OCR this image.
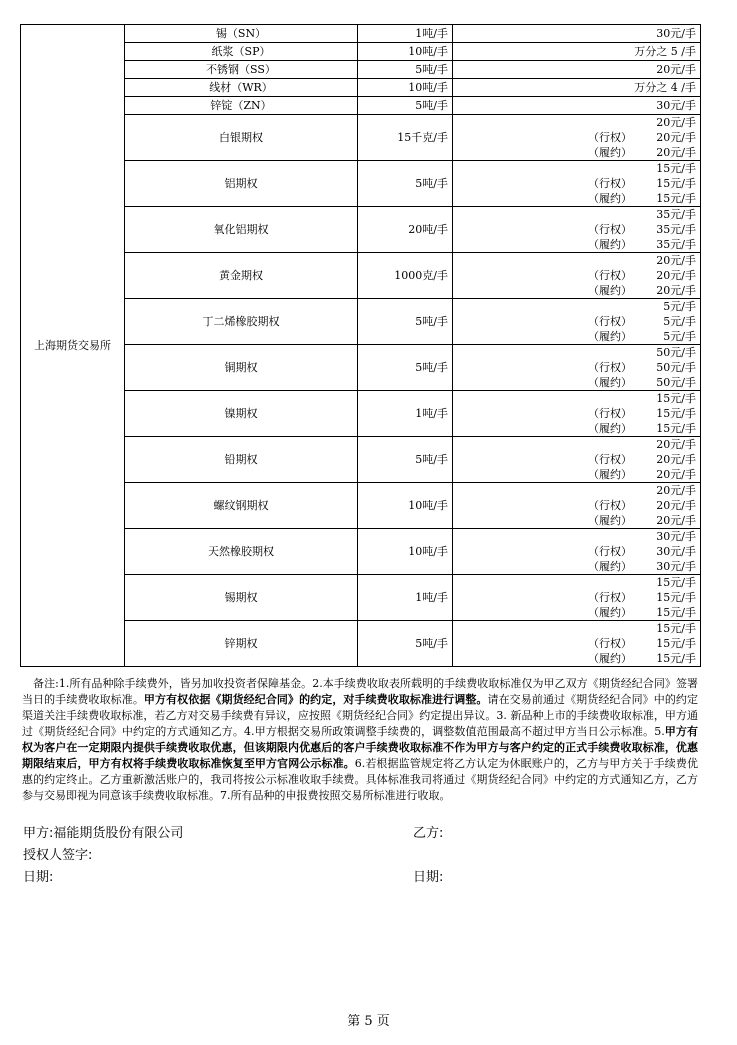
上海期货交易所	锡（SN）	1吨/手	30元/手
	纸浆（SP）	10吨/手	万分之 5 /手
	不锈钢（SS）	5吨/手	20元/手
	线材（WR）	10吨/手	万分之 4 /手
	锌锭（ZN）	5吨/手	30元/手
	白银期权	15千克/手	20元/手
（行权） 20元/手
（履约） 20元/手

	铝期权	5吨/手	15元/手
（行权） 15元/手
（履约） 15元/手

	氧化铝期权	20吨/手	35元/手
（行权） 35元/手
（履约） 35元/手

	黄金期权	1000克/手	20元/手
（行权） 20元/手
（履约） 20元/手

	丁二烯橡胶期权	5吨/手	5元/手
（行权） 5元/手
（履约） 5元/手

	铜期权	5吨/手	50元/手
（行权） 50元/手
（履约） 50元/手

	镍期权	1吨/手	15元/手
（行权） 15元/手
（履约） 15元/手

	铅期权	5吨/手	20元/手
（行权） 20元/手
（履约） 20元/手

	螺纹钢期权	10吨/手	20元/手
（行权） 20元/手
（履约） 20元/手

	天然橡胶期权	10吨/手	30元/手
（行权） 30元/手
（履约） 30元/手

	锡期权	1吨/手	15元/手
（行权） 15元/手
（履约） 15元/手

	锌期权	5吨/手	15元/手
（行权） 15元/手
（履约） 15元/手
　备注:1.所有品种除手续费外，皆另加收投资者保障基金。2.本手续费收取表所载明的手续费收取标准仅为甲乙双方《期货经纪合同》签署当日的手续费收取标准。甲方有权依据《期货经纪合同》的约定，对手续费收取标准进行调整。请在交易前通过《期货经纪合同》中的约定渠道关注手续费收取标准，若乙方对交易手续费有异议，应按照《期货经纪合同》约定提出异议。3. 新品种上市的手续费收取标准，甲方通过《期货经纪合同》中约定的方式通知乙方。4.甲方根据交易所政策调整手续费的，调整数值范围最高不超过甲方当日公示标准。5.甲方有权为客户在一定期限内提供手续费收取优惠，但该期限内优惠后的客户手续费收取标准不作为甲方与客户约定的正式手续费收取标准，优惠期限结束后，甲方有权将手续费收取标准恢复至甲方官网公示标准。6.若根据监管规定将乙方认定为休眠账户的，乙方与甲方关于手续费优惠的约定终止。乙方重新激活账户的，我司将按公示标准收取手续费。具体标准我司将通过《期货经纪合同》中约定的方式通知乙方，乙方参与交易即视为同意该手续费收取标准。7.所有品种的申报费按照交易所标准进行收取。
甲方:福能期货股份有限公司	乙方:
授权人签字:
日期:	日期:
第 5 页
